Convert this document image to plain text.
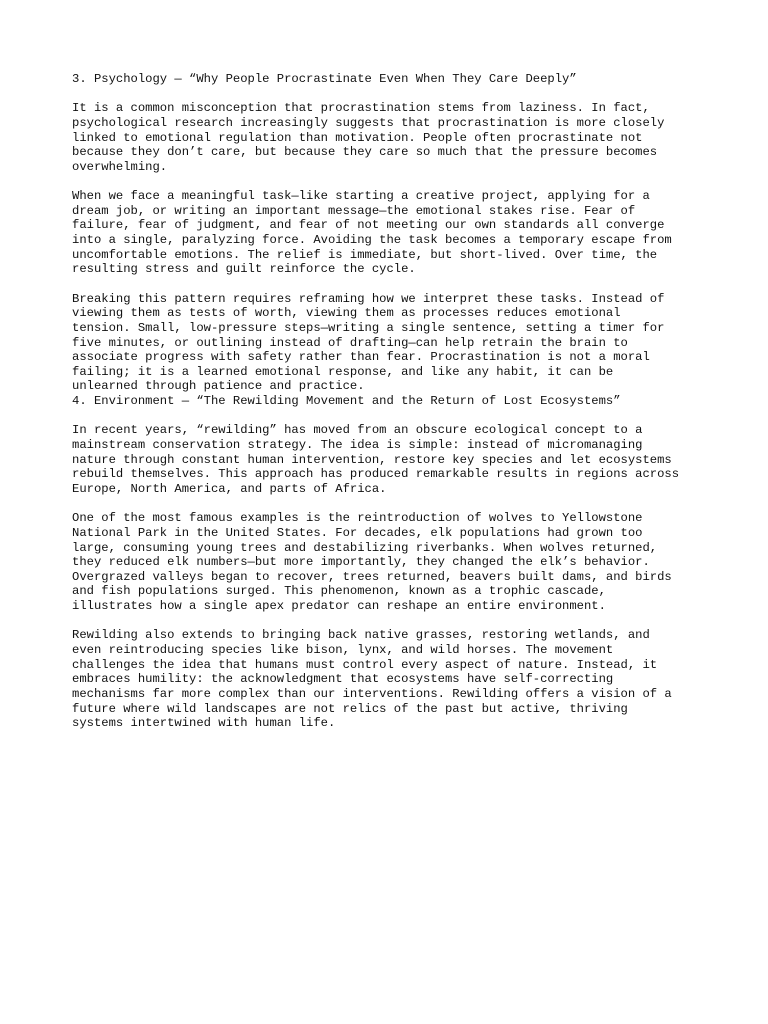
3. Psychology — “Why People Procrastinate Even When They Care Deeply”
It is a common misconception that procrastination stems from laziness. In fact,
psychological research increasingly suggests that procrastination is more closely
linked to emotional regulation than motivation. People often procrastinate not
because they don’t care, but because they care so much that the pressure becomes
overwhelming.
When we face a meaningful task—like starting a creative project, applying for a
dream job, or writing an important message—the emotional stakes rise. Fear of
failure, fear of judgment, and fear of not meeting our own standards all converge
into a single, paralyzing force. Avoiding the task becomes a temporary escape from
uncomfortable emotions. The relief is immediate, but short-lived. Over time, the
resulting stress and guilt reinforce the cycle.
Breaking this pattern requires reframing how we interpret these tasks. Instead of
viewing them as tests of worth, viewing them as processes reduces emotional
tension. Small, low-pressure steps—writing a single sentence, setting a timer for
five minutes, or outlining instead of drafting—can help retrain the brain to
associate progress with safety rather than fear. Procrastination is not a moral
failing; it is a learned emotional response, and like any habit, it can be
unlearned through patience and practice.
4. Environment — “The Rewilding Movement and the Return of Lost Ecosystems”
In recent years, “rewilding” has moved from an obscure ecological concept to a
mainstream conservation strategy. The idea is simple: instead of micromanaging
nature through constant human intervention, restore key species and let ecosystems
rebuild themselves. This approach has produced remarkable results in regions across
Europe, North America, and parts of Africa.
One of the most famous examples is the reintroduction of wolves to Yellowstone
National Park in the United States. For decades, elk populations had grown too
large, consuming young trees and destabilizing riverbanks. When wolves returned,
they reduced elk numbers—but more importantly, they changed the elk’s behavior.
Overgrazed valleys began to recover, trees returned, beavers built dams, and birds
and fish populations surged. This phenomenon, known as a trophic cascade,
illustrates how a single apex predator can reshape an entire environment.
Rewilding also extends to bringing back native grasses, restoring wetlands, and
even reintroducing species like bison, lynx, and wild horses. The movement
challenges the idea that humans must control every aspect of nature. Instead, it
embraces humility: the acknowledgment that ecosystems have self-correcting
mechanisms far more complex than our interventions. Rewilding offers a vision of a
future where wild landscapes are not relics of the past but active, thriving
systems intertwined with human life.
